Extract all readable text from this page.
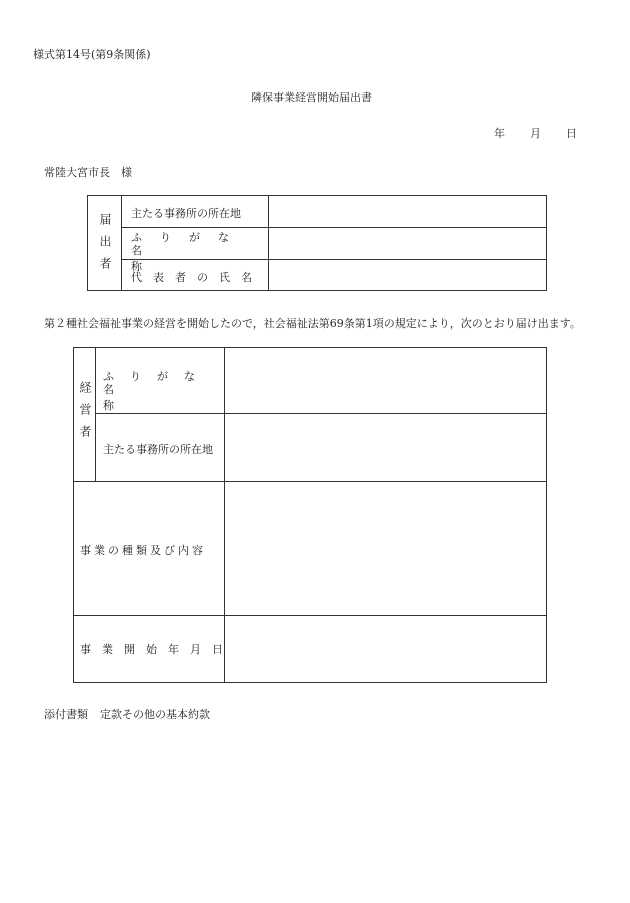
様式第14号(第9条関係)
隣保事業経営開始届出書
年 月 日
常陸大宮市長　様
届出者 主たる事務所の所在地
ふりがな
名称
代表者の氏名
第２種社会福祉事業の経営を開始したので，社会福祉法第69条第1項の規定により，次のとおり届け出ます。
経営者
ふりがな
名称
主たる事務所の所在地
事業の種類及び内容
事業開始年月日
添付書類 定款その他の基本約款
